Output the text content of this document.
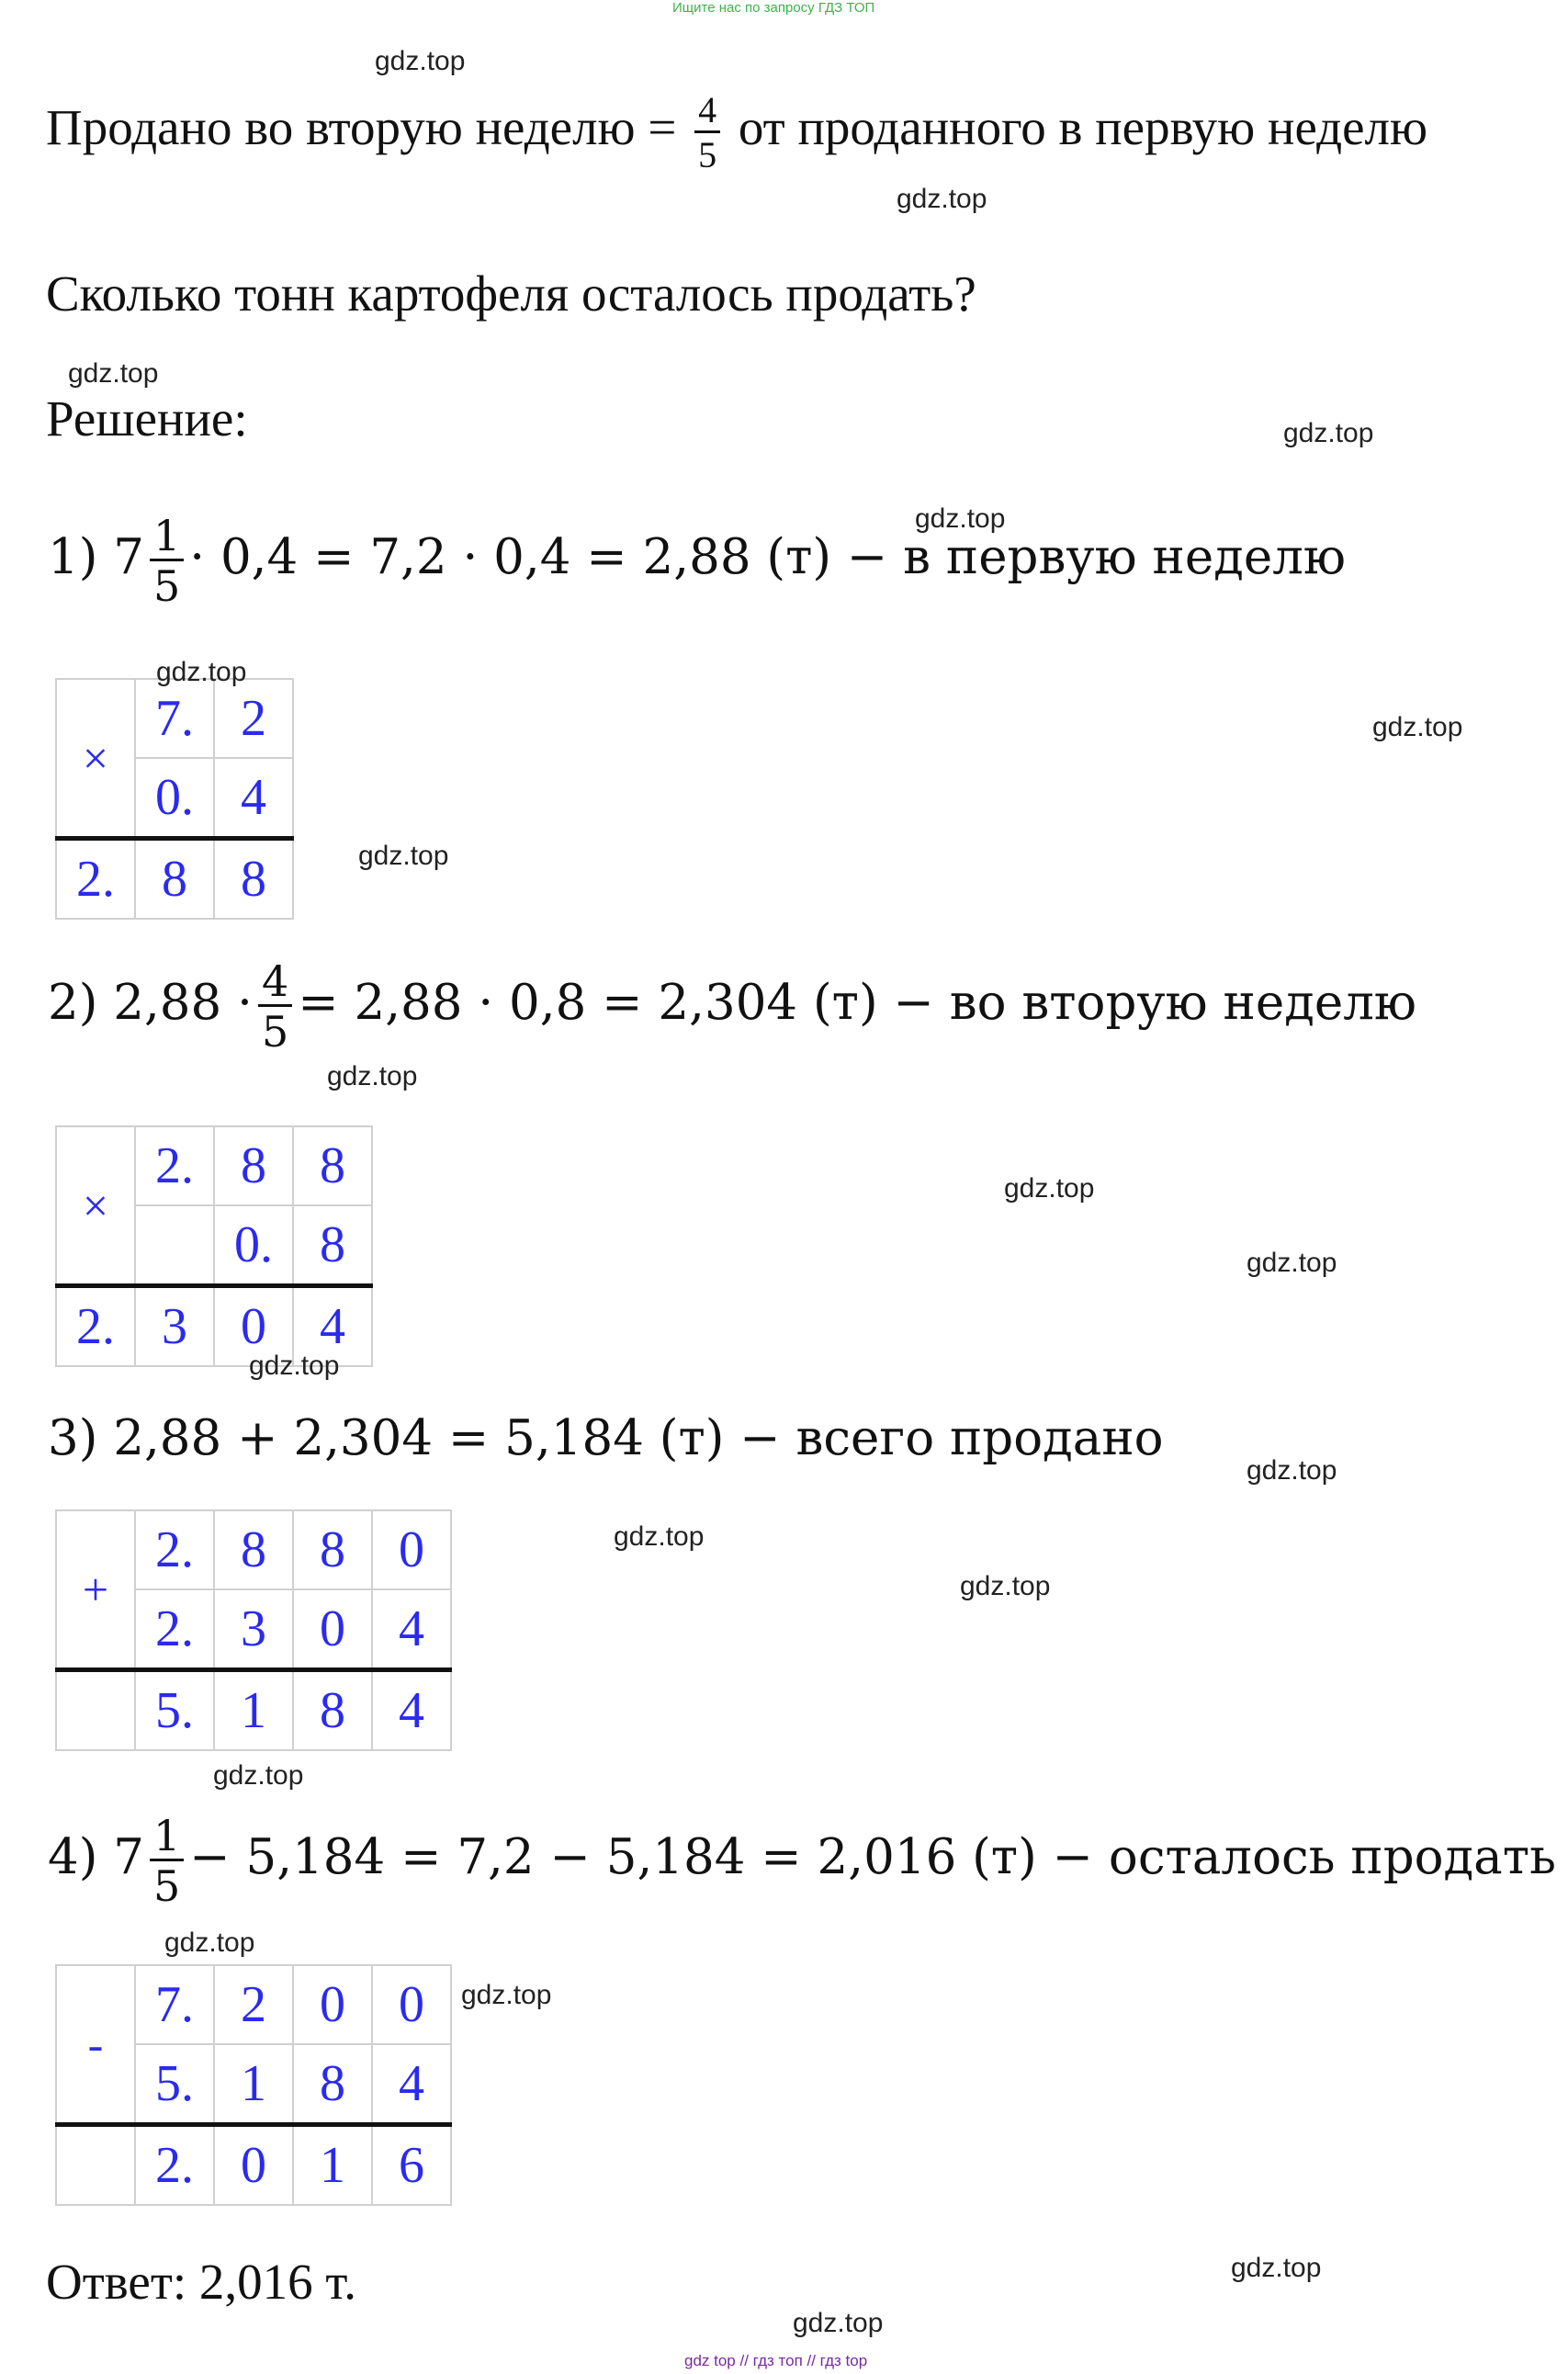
Ищите нас по запросу ГДЗ ТОП
Продано во вторую неделю = $\frac{4}{5}$ от проданного в первую неделю
Сколько тонн картофеля осталось продать?
Решение:
1) $7 \frac{1}{5} \cdot 0,4 = 7,2 \cdot 0,4 = 2,88$ (т) − в первую неделю
×	7.	2
	0.	4
2.	8	8
2) $2,88 \cdot \frac{4}{5} = 2,88 \cdot 0,8 = 2,304$ (т) − во вторую неделю
×	2.	8	8
		0.	8
2.	3	0	4
3) 2,88 + 2,304 = 5,184 (т) − всего продано
+	2.	8	8	0
	2.	3	0	4
	5.	1	8	4
4) $7 \frac{1}{5} - 5,184 = 7,2 - 5,184 = 2,016$ (т) − осталось продать
-	7.	2	0	0
	5.	1	8	4
	2.	0	1	6
Ответ: 2,016 т.
gdz.top
gdz.top
gdz.top
gdz.top
gdz.top
gdz.top
gdz.top
gdz.top
gdz.top
gdz.top
gdz.top
gdz.top
gdz.top
gdz.top
gdz.top
gdz.top
gdz.top
gdz.top
gdz.top
gdz.top
gdz top // гдз топ // гдз top
